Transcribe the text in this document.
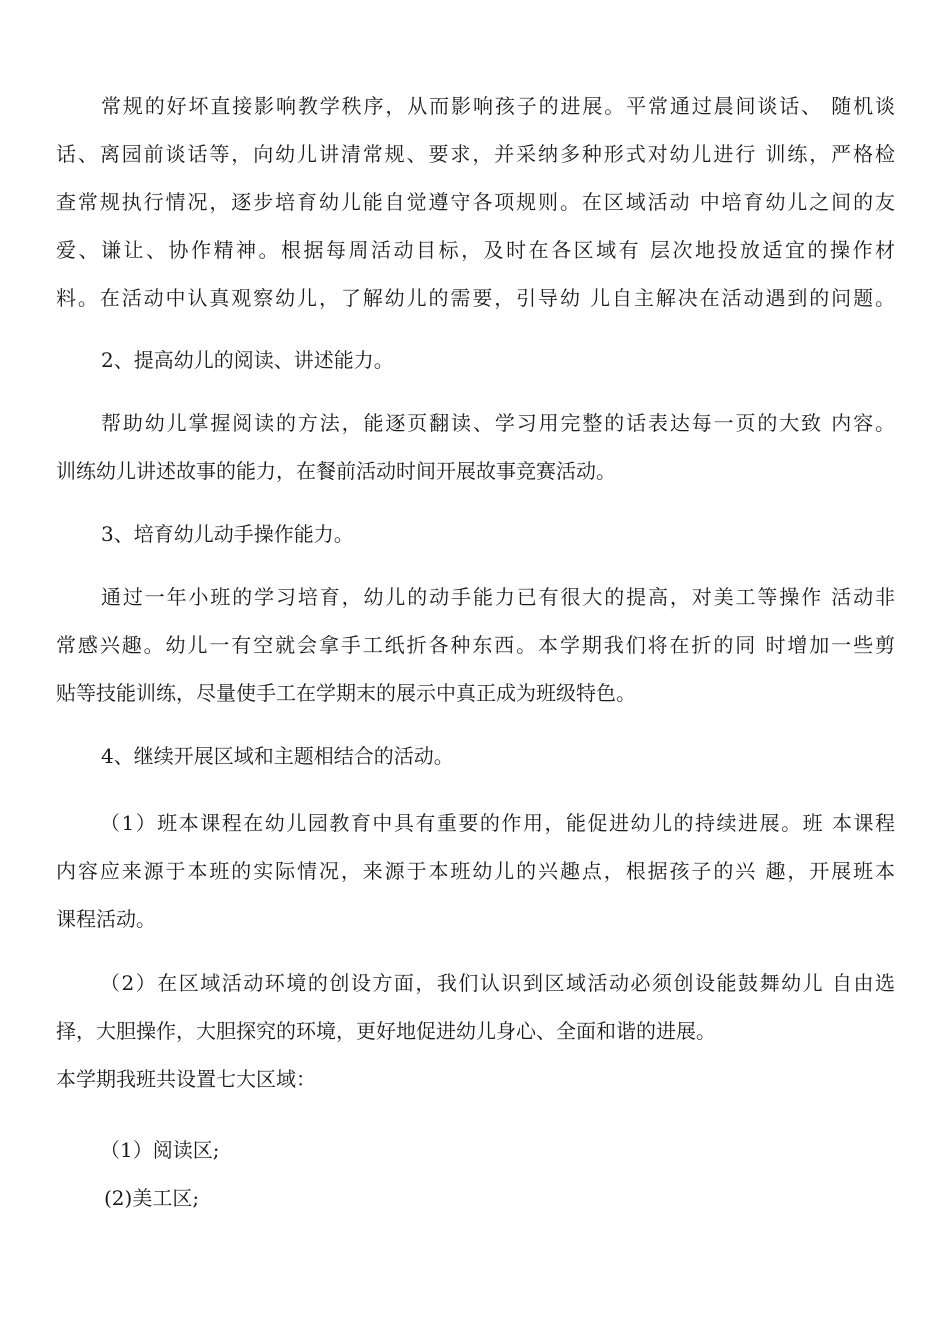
常规的好坏直接影响教学秩序，从而影响孩子的进展。平常通过晨间谈话、 随机谈
话、离园前谈话等，向幼儿讲清常规、要求，并采纳多种形式对幼儿进行 训练，严格检
查常规执行情况，逐步培育幼儿能自觉遵守各项规则。在区域活动 中培育幼儿之间的友
爱、谦让、协作精神。根据每周活动目标，及时在各区域有 层次地投放适宜的操作材
料。在活动中认真观察幼儿，了解幼儿的需要，引导幼 儿自主解决在活动遇到的问题。
2、提高幼儿的阅读、讲述能力。
帮助幼儿掌握阅读的方法，能逐页翻读、学习用完整的话表达每一页的大致 内容。
训练幼儿讲述故事的能力，在餐前活动时间开展故事竞赛活动。
3、培育幼儿动手操作能力。
通过一年小班的学习培育，幼儿的动手能力已有很大的提高，对美工等操作 活动非
常感兴趣。幼儿一有空就会拿手工纸折各种东西。本学期我们将在折的同 时增加一些剪
贴等技能训练，尽量使手工在学期末的展示中真正成为班级特色。
4、继续开展区域和主题相结合的活动。
（1）班本课程在幼儿园教育中具有重要的作用，能促进幼儿的持续进展。班 本课程
内容应来源于本班的实际情况，来源于本班幼儿的兴趣点，根据孩子的兴 趣，开展班本
课程活动。
（2）在区域活动环境的创设方面，我们认识到区域活动必须创设能鼓舞幼儿 自由选
择，大胆操作，大胆探究的环境，更好地促进幼儿身心、全面和谐的进展。
本学期我班共设置七大区域：
（1）阅读区;
(2)美工区;
